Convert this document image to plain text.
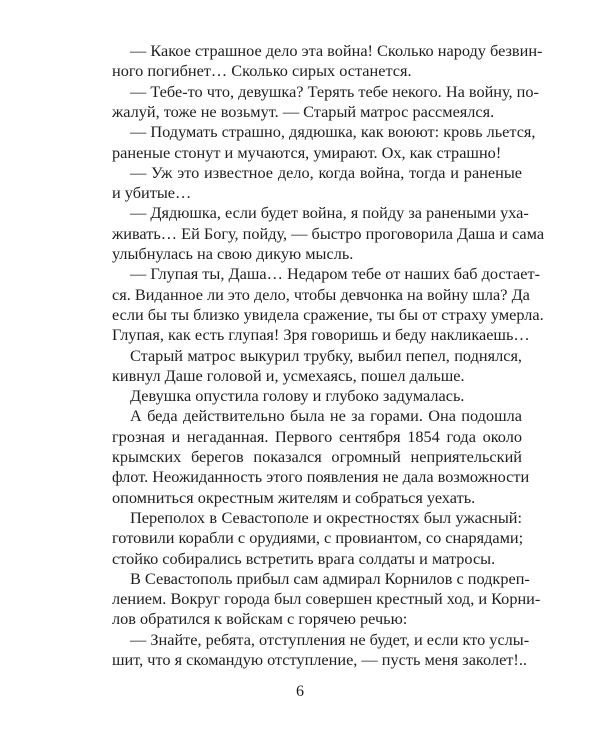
— Какое страшное дело эта война! Сколько народу безвин-

ного погибнет… Сколько сирых останется.

— Тебе-то что, девушка? Терять тебе некого. На войну, по-

жалуй, тоже не возьмут. — Старый матрос рассмеялся.

— Подумать страшно, дядюшка, как воюют: кровь льется,

раненые стонут и мучаются, умирают. Ох, как страшно!

— Уж это известное дело, когда война, тогда и раненые

и убитые…

— Дядюшка, если будет война, я пойду за ранеными уха-

живать… Ей Богу, пойду, — быстро проговорила Даша и сама

улыбнулась на свою дикую мысль.

— Глупая ты, Даша… Недаром тебе от наших баб достает-

ся. Виданное ли это дело, чтобы девчонка на войну шла? Да

если бы ты близко увидела сражение, ты бы от страху умерла.

Глупая, как есть глупая! Зря говоришь и беду накликаешь…

Старый матрос выкурил трубку, выбил пепел, поднялся,

кивнул Даше головой и, усмехаясь, пошел дальше.

Девушка опустила голову и глубоко задумалась.

А беда действительно была не за горами. Она подошла

грозная и негаданная. Первого сентября 1854 года около

крымских берегов показался огромный неприятельский

флот. Неожиданность этого появления не дала возможности

опомниться окрестным жителям и собраться уехать.

Переполох в Севастополе и окрестностях был ужасный:

готовили корабли с орудиями, с провиантом, со снарядами;

стойко собирались встретить врага солдаты и матросы.

В Севастополь прибыл сам адмирал Корнилов с подкреп-

лением. Вокруг города был совершен крестный ход, и Корни-

лов обратился к войскам с горячею речью:

— Знайте, ребята, отступления не будет, и если кто услы-

шит, что я скомандую отступление, — пусть меня заколет!..

6
